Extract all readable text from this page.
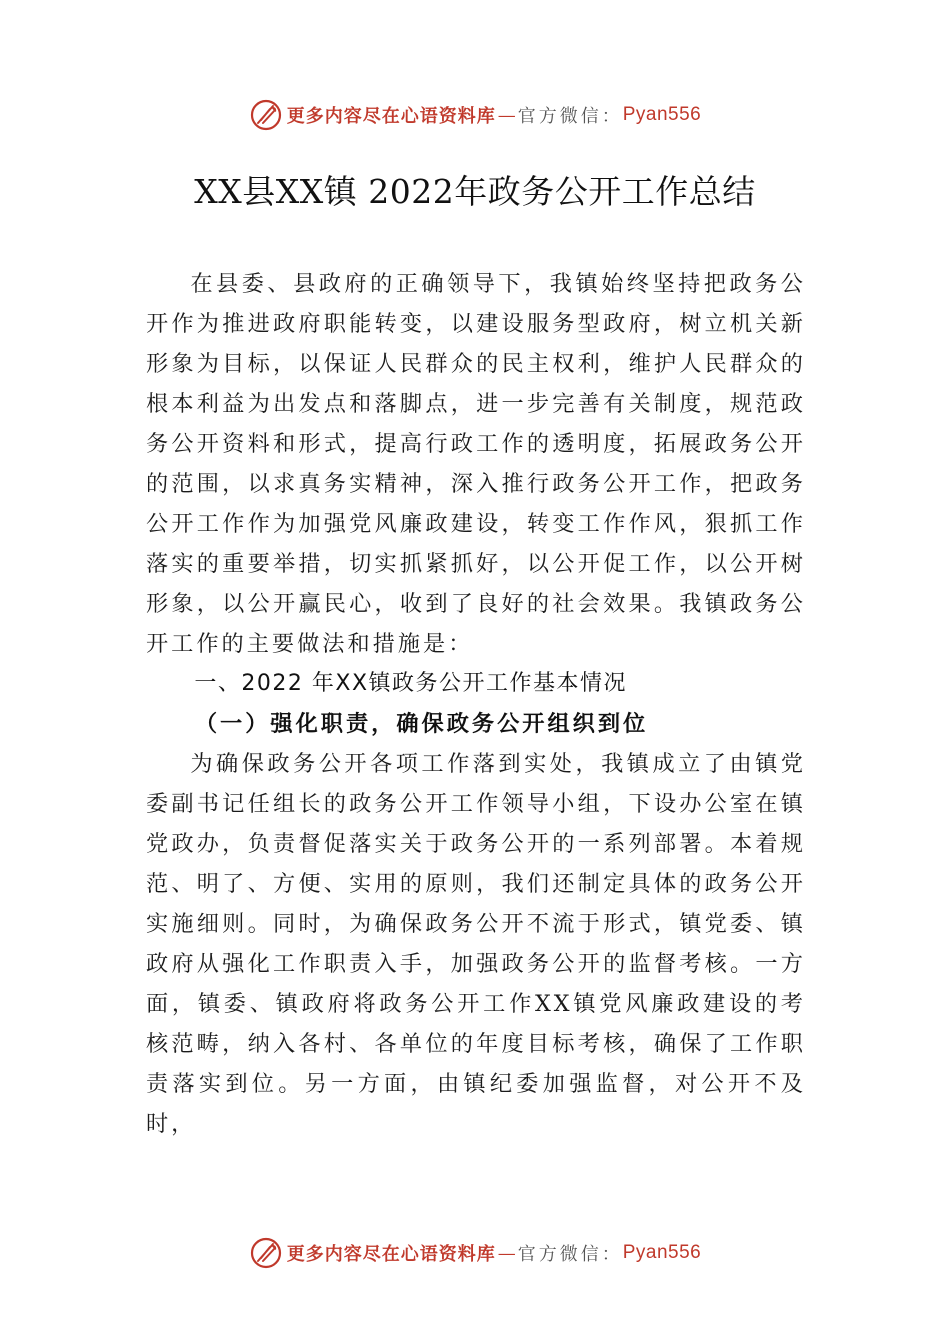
更多内容尽在心语资料库 — 官方微信： Pyan556
XX县XX镇 2022年政务公开工作总结

在县委、县政府的正确领导下，我镇始终坚持把政务公开作为推进政府职能转变，以建设服务型政府，树立机关新形象为目标，以保证人民群众的民主权利，维护人民群众的根本利益为出发点和落脚点，进一步完善有关制度，规范政务公开资料和形式，提高行政工作的透明度，拓展政务公开的范围，以求真务实精神，深入推行政务公开工作，把政务公开工作作为加强党风廉政建设，转变工作作风，狠抓工作落实的重要举措，切实抓紧抓好，以公开促工作，以公开树形象，以公开赢民心，收到了良好的社会效果。我镇政务公开工作的主要做法和措施是：

一、2022 年XX镇政务公开工作基本情况

（一）强化职责，确保政务公开组织到位

为确保政务公开各项工作落到实处，我镇成立了由镇党委副书记任组长的政务公开工作领导小组，下设办公室在镇党政办，负责督促落实关于政务公开的一系列部署。本着规范、明了、方便、实用的原则，我们还制定具体的政务公开实施细则。同时，为确保政务公开不流于形式，镇党委、镇政府从强化工作职责入手，加强政务公开的监督考核。一方面，镇委、镇政府将政务公开工作XX镇党风廉政建设的考核范畴，纳入各村、各单位的年度目标考核，确保了工作职责落实到位。另一方面，由镇纪委加强监督，对公开不及时，

更多内容尽在心语资料库 — 官方微信： Pyan556
